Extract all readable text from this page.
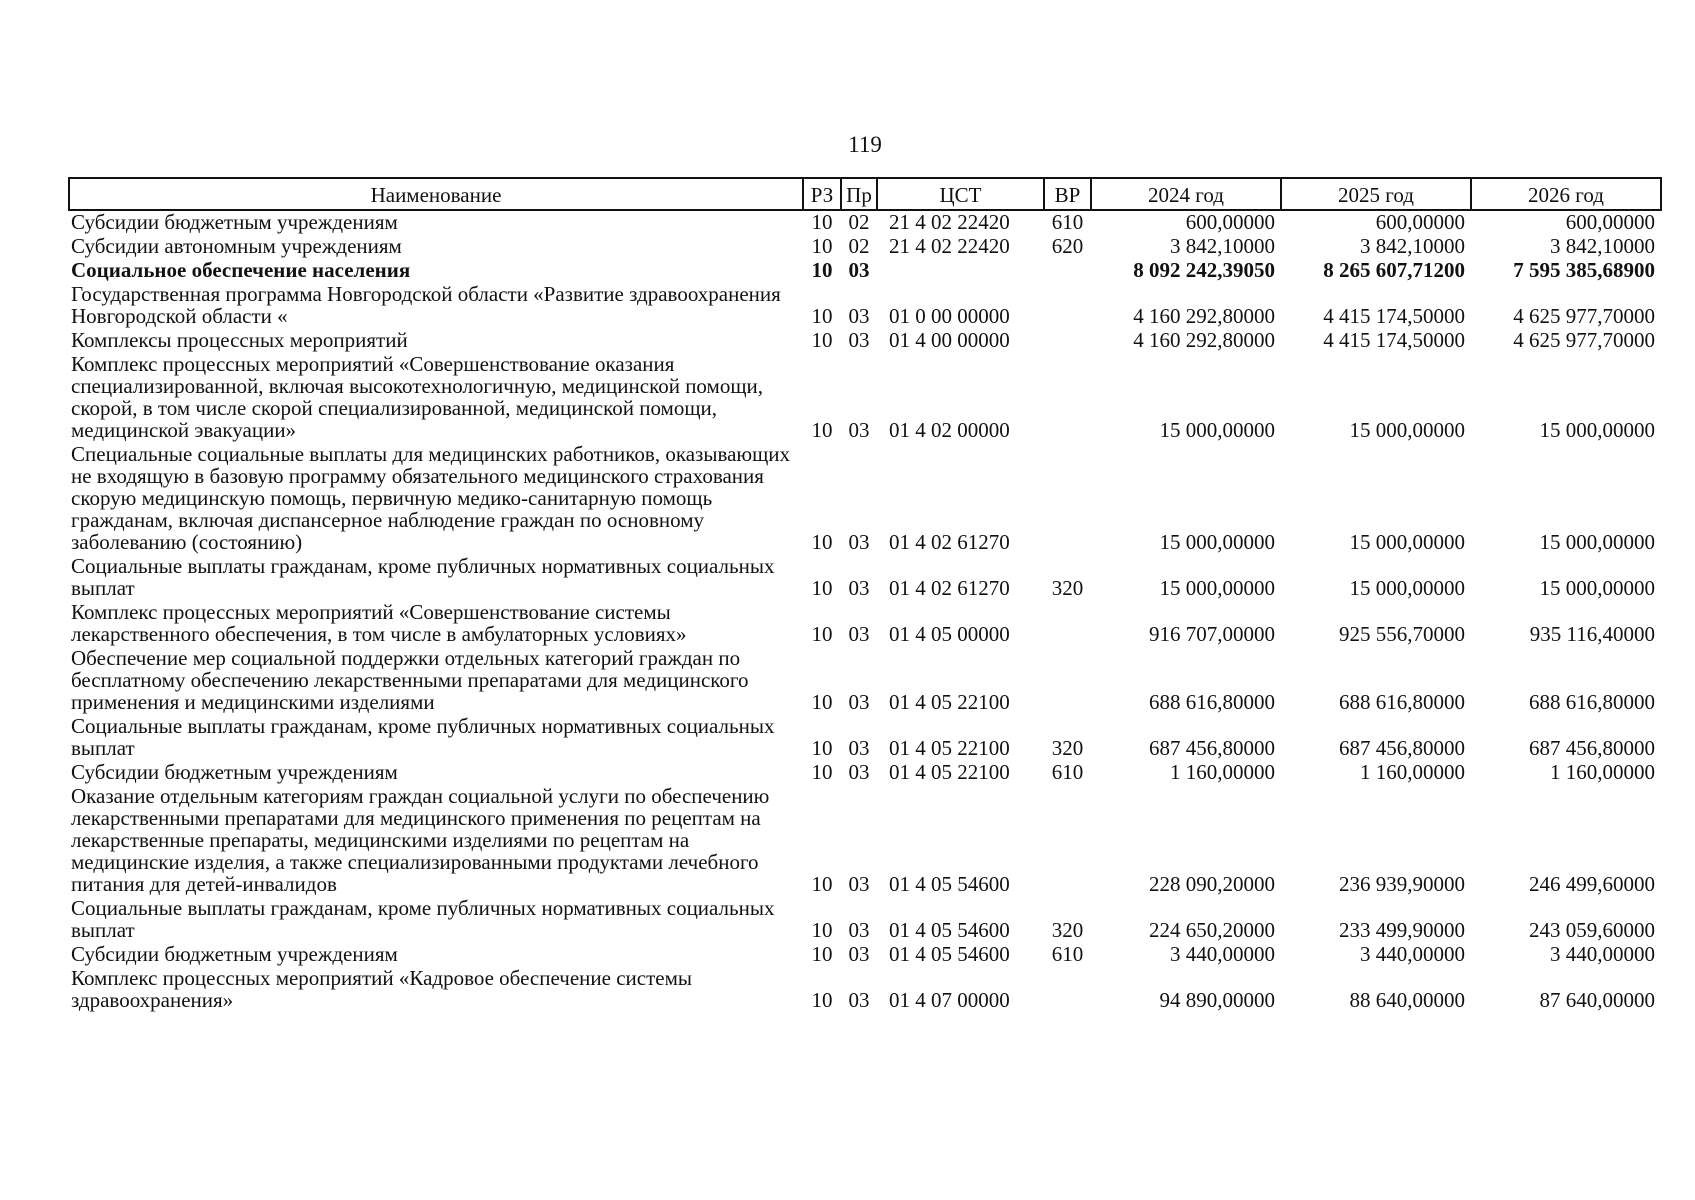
119
Наименование	РЗ	Пр	ЦСТ	ВР	2024 год	2025 год	2026 год
Субсидии бюджетным учреждениям	10	02	21 4 02 22420	610	600,00000	600,00000	600,00000
Субсидии автономным учреждениям	10	02	21 4 02 22420	620	3 842,10000	3 842,10000	3 842,10000
Социальное обеспечение населения	10	03			8 092 242,39050	8 265 607,71200	7 595 385,68900
Государственная программа Новгородской области «Развитие здравоохранения Новгородской области «	10	03	01 0 00 00000		4 160 292,80000	4 415 174,50000	4 625 977,70000
Комплексы процессных мероприятий	10	03	01 4 00 00000		4 160 292,80000	4 415 174,50000	4 625 977,70000
Комплекс процессных мероприятий «Совершенствование оказания специализированной, включая высокотехнологичную, медицинской помощи, скорой, в том числе скорой специализированной, медицинской помощи, медицинской эвакуации»	10	03	01 4 02 00000		15 000,00000	15 000,00000	15 000,00000
Специальные социальные выплаты для медицинских работников, оказывающих не входящую в базовую программу обязательного медицинского страхования скорую медицинскую помощь, первичную медико-санитарную помощь гражданам, включая диспансерное наблюдение граждан по основному заболеванию (состоянию)	10	03	01 4 02 61270		15 000,00000	15 000,00000	15 000,00000
Социальные выплаты гражданам, кроме публичных нормативных социальных выплат	10	03	01 4 02 61270	320	15 000,00000	15 000,00000	15 000,00000
Комплекс процессных мероприятий «Совершенствование системы лекарственного обеспечения, в том числе в амбулаторных условиях»	10	03	01 4 05 00000		916 707,00000	925 556,70000	935 116,40000
Обеспечение мер социальной поддержки отдельных категорий граждан по бесплатному обеспечению лекарственными препаратами для медицинского применения и медицинскими изделиями	10	03	01 4 05 22100		688 616,80000	688 616,80000	688 616,80000
Социальные выплаты гражданам, кроме публичных нормативных социальных выплат	10	03	01 4 05 22100	320	687 456,80000	687 456,80000	687 456,80000
Субсидии бюджетным учреждениям	10	03	01 4 05 22100	610	1 160,00000	1 160,00000	1 160,00000
Оказание отдельным категориям граждан социальной услуги по обеспечению лекарственными препаратами для медицинского применения по рецептам на лекарственные препараты, медицинскими изделиями по рецептам на медицинские изделия, а также специализированными продуктами лечебного питания для детей-инвалидов	10	03	01 4 05 54600		228 090,20000	236 939,90000	246 499,60000
Социальные выплаты гражданам, кроме публичных нормативных социальных выплат	10	03	01 4 05 54600	320	224 650,20000	233 499,90000	243 059,60000
Субсидии бюджетным учреждениям	10	03	01 4 05 54600	610	3 440,00000	3 440,00000	3 440,00000
Комплекс процессных мероприятий «Кадровое обеспечение системы здравоохранения»	10	03	01 4 07 00000		94 890,00000	88 640,00000	87 640,00000
